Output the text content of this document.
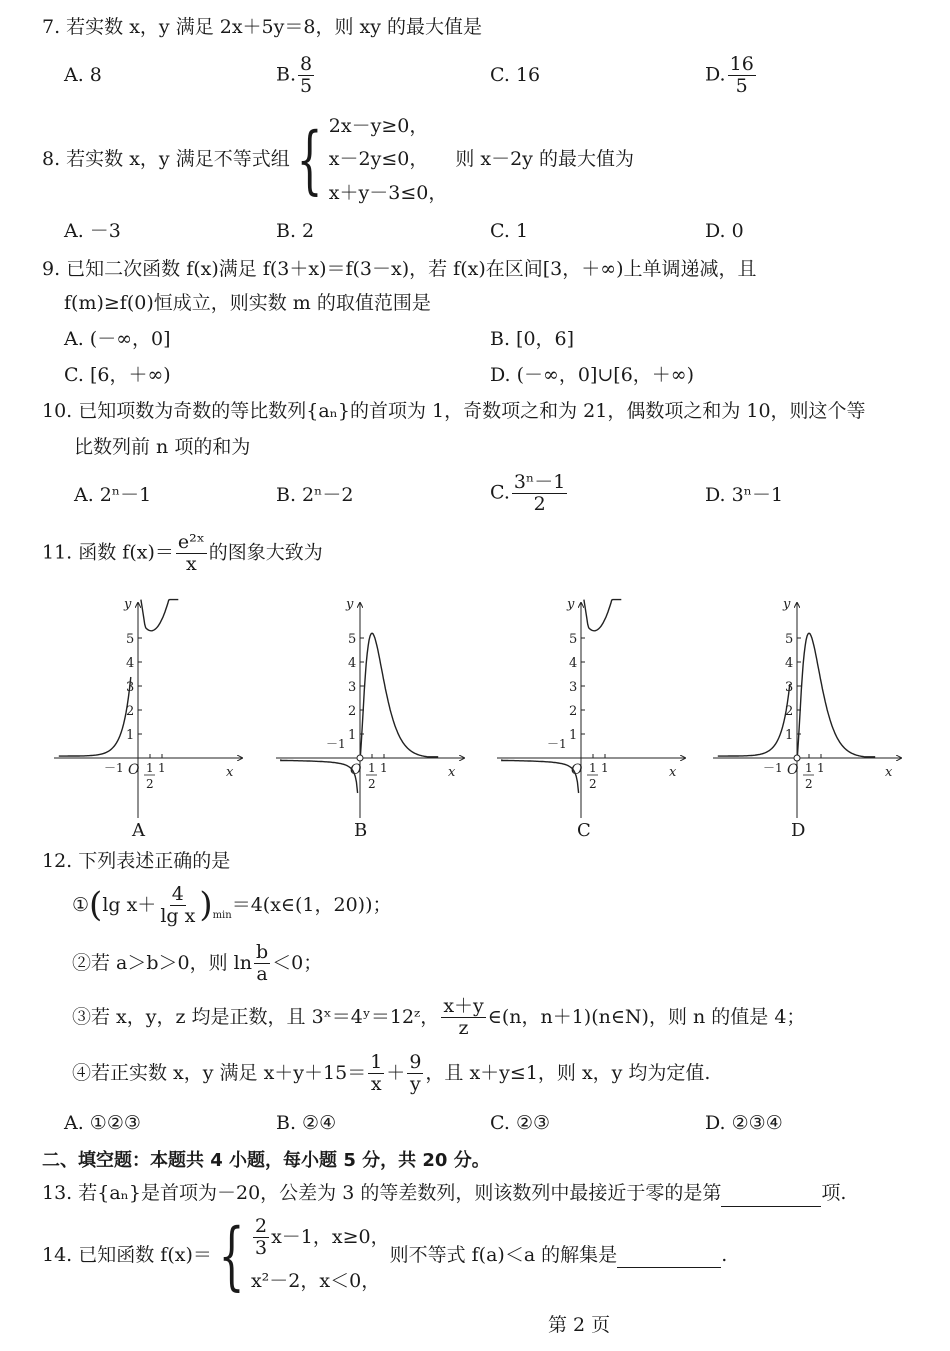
7. 若实数 x，y 满足 2x＋5y＝8，则 xy 的最大值是
A. 8	B. $\frac{8}{5}$	C. 16	D. $\frac{16}{5}$
8. 若实数 x，y 满足不等式组 { 2x－y≥0，
x－2y≤0，
x＋y－3≤0，
则 x－2y 的最大值为
A. －3	B. 2	C. 1	D. 0
9. 已知二次函数 f(x)满足 f(3＋x)＝f(3－x)，若 f(x)在区间[3，＋∞)上单调递减，且
f(m)≥f(0)恒成立，则实数 m 的取值范围是
A. (－∞，0]	B. [0，6]
C. [6，＋∞)	D. (－∞，0]∪[6，＋∞)
10. 已知项数为奇数的等比数列{aₙ}的首项为 1，奇数项之和为 21，偶数项之和为 10，则这个等
比数列前 n 项的和为
A. 2ⁿ－1	B. 2ⁿ－2	C. $\frac{\text{3ⁿ－1}}{2}$	D. 3ⁿ－1
11. 函数 $f(x)= \frac{\text{e²ˣ}}{x}$ 的图象大致为
y
x
O
1
2
3
4
5
1
2
1
－1
y
x
O
1
2
3
4
5
1
2
1
－1
y
x
O
1
2
3
4
5
1
2
1
－1
y
x
O
1
2
3
4
5
1
2
1
－1
A	B	C	D
12. 下列表述正确的是
① ( $\lg x+ \frac{4}{\text{lg x}}$ ) min
＝4(x∈(1，20))；
②若 a＞b＞0，则 $\ln \frac{b}{a} <0$；
③若 x，y，z 均是正数，且 3ˣ＝4ʸ＝12ᶻ， $\frac{x+y}{z}$ ∈(n，n＋1)(n∈N)，则 n 的值是 4；
④若正实数 x，y 满足 $x+y+15= \frac{1}{x} + \frac{9}{y}$ ，且 x＋y≤1，则 x，y 均为定值.
A. ①②③	B. ②④	C. ②③	D. ②③④
二、填空题：本题共 4 小题，每小题 5 分，共 20 分。
13. 若{aₙ}是首项为－20，公差为 3 的等差数列，则该数列中最接近于零的是第	项.
14. 已知函数 f(x)＝ { $\frac{2}{3} x-1$，x≥0，
x²－2，x＜0，
则不等式 f(a)＜a 的解集是
	.
第 2 页
